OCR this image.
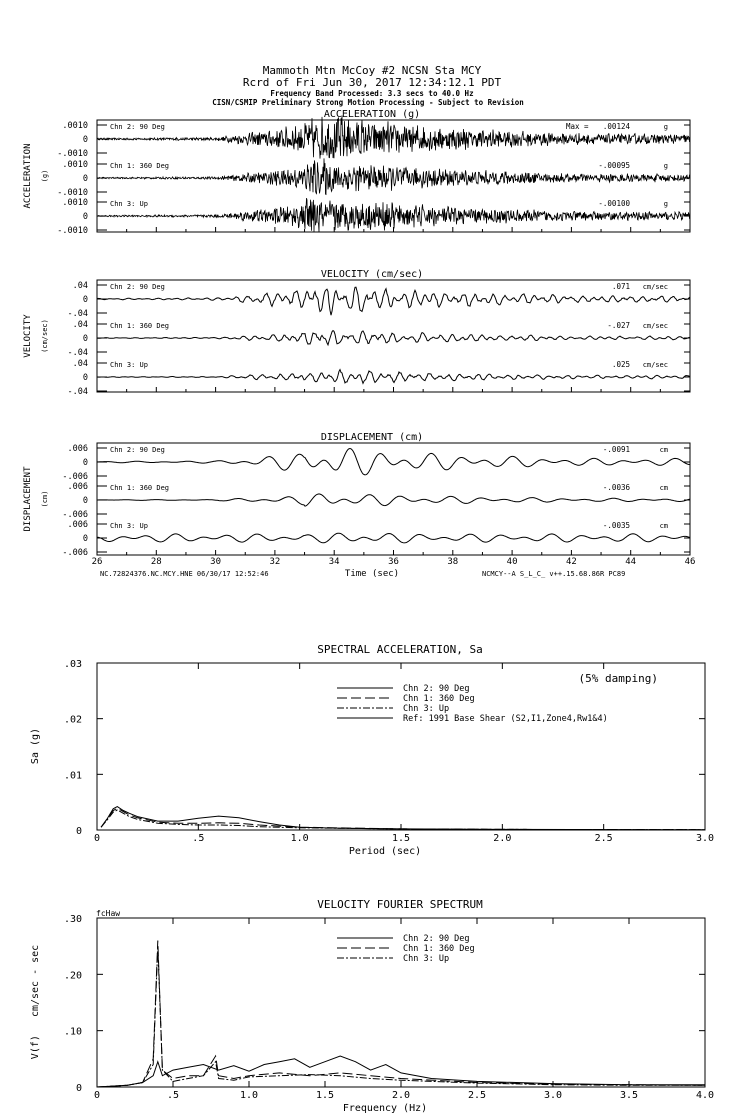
Mammoth Mtn McCoy #2 NCSN Sta MCY
Rcrd of Fri Jun 30, 2017 12:34:12.1 PDT
Frequency Band Processed: 3.3 secs to 40.0 Hz
CISN/CSMIP Preliminary Strong Motion Processing - Subject to Revision
ACCELERATION (g)
ACCELERATION (g)
.0010
0
-.0010
Chn 2: 90 Deg	.00124	g
Max =
.0010
0
-.0010
Chn 1: 360 Deg	-.00095	g
.0010
0
-.0010
Chn 3: Up	-.00100	g
VELOCITY (cm/sec)
VELOCITY (cm/sec)
.04
0
-.04
Chn 2: 90 Deg	.071 cm/sec
.04
0
-.04
Chn 1: 360 Deg	-.027 cm/sec
.04
0
-.04
Chn 3: Up	.025 cm/sec
DISPLACEMENT (cm)
DISPLACEMENT (cm)
.006
0
-.006
Chn 2: 90 Deg	-.0091	cm
.006
0
-.006
Chn 1: 360 Deg	-.0036	cm
.006
0
-.006
Chn 3: Up	-.0035	cm
26	28	30	32	34	36	38	40	42	44	46
0	.5	1.0	1.5	2.0	2.5	3.0
.03
.02
.01
0
Chn 2: 90 Deg
Chn 1: 360 Deg
Chn 3: Up
Ref: 1991 Base Shear (S2,I1,Zone4,Rw1&4)
0	.5	1.0	1.5	2.0	2.5	3.0	3.5	4.0
.30
.20
.10
0
fcHaw
Chn 2: 90 Deg
Chn 1: 360 Deg
Chn 3: Up
Time (sec)
NC.72824376.NC.MCY.HNE 06/30/17 12:52:46	NCMCY--A S_L_C_ v++.15.68.86R PC89
SPECTRAL ACCELERATION, Sa
(5% damping)
Period (sec)
Sa (g)
VELOCITY FOURIER SPECTRUM
Frequency (Hz)
V(f)   cm/sec - sec
